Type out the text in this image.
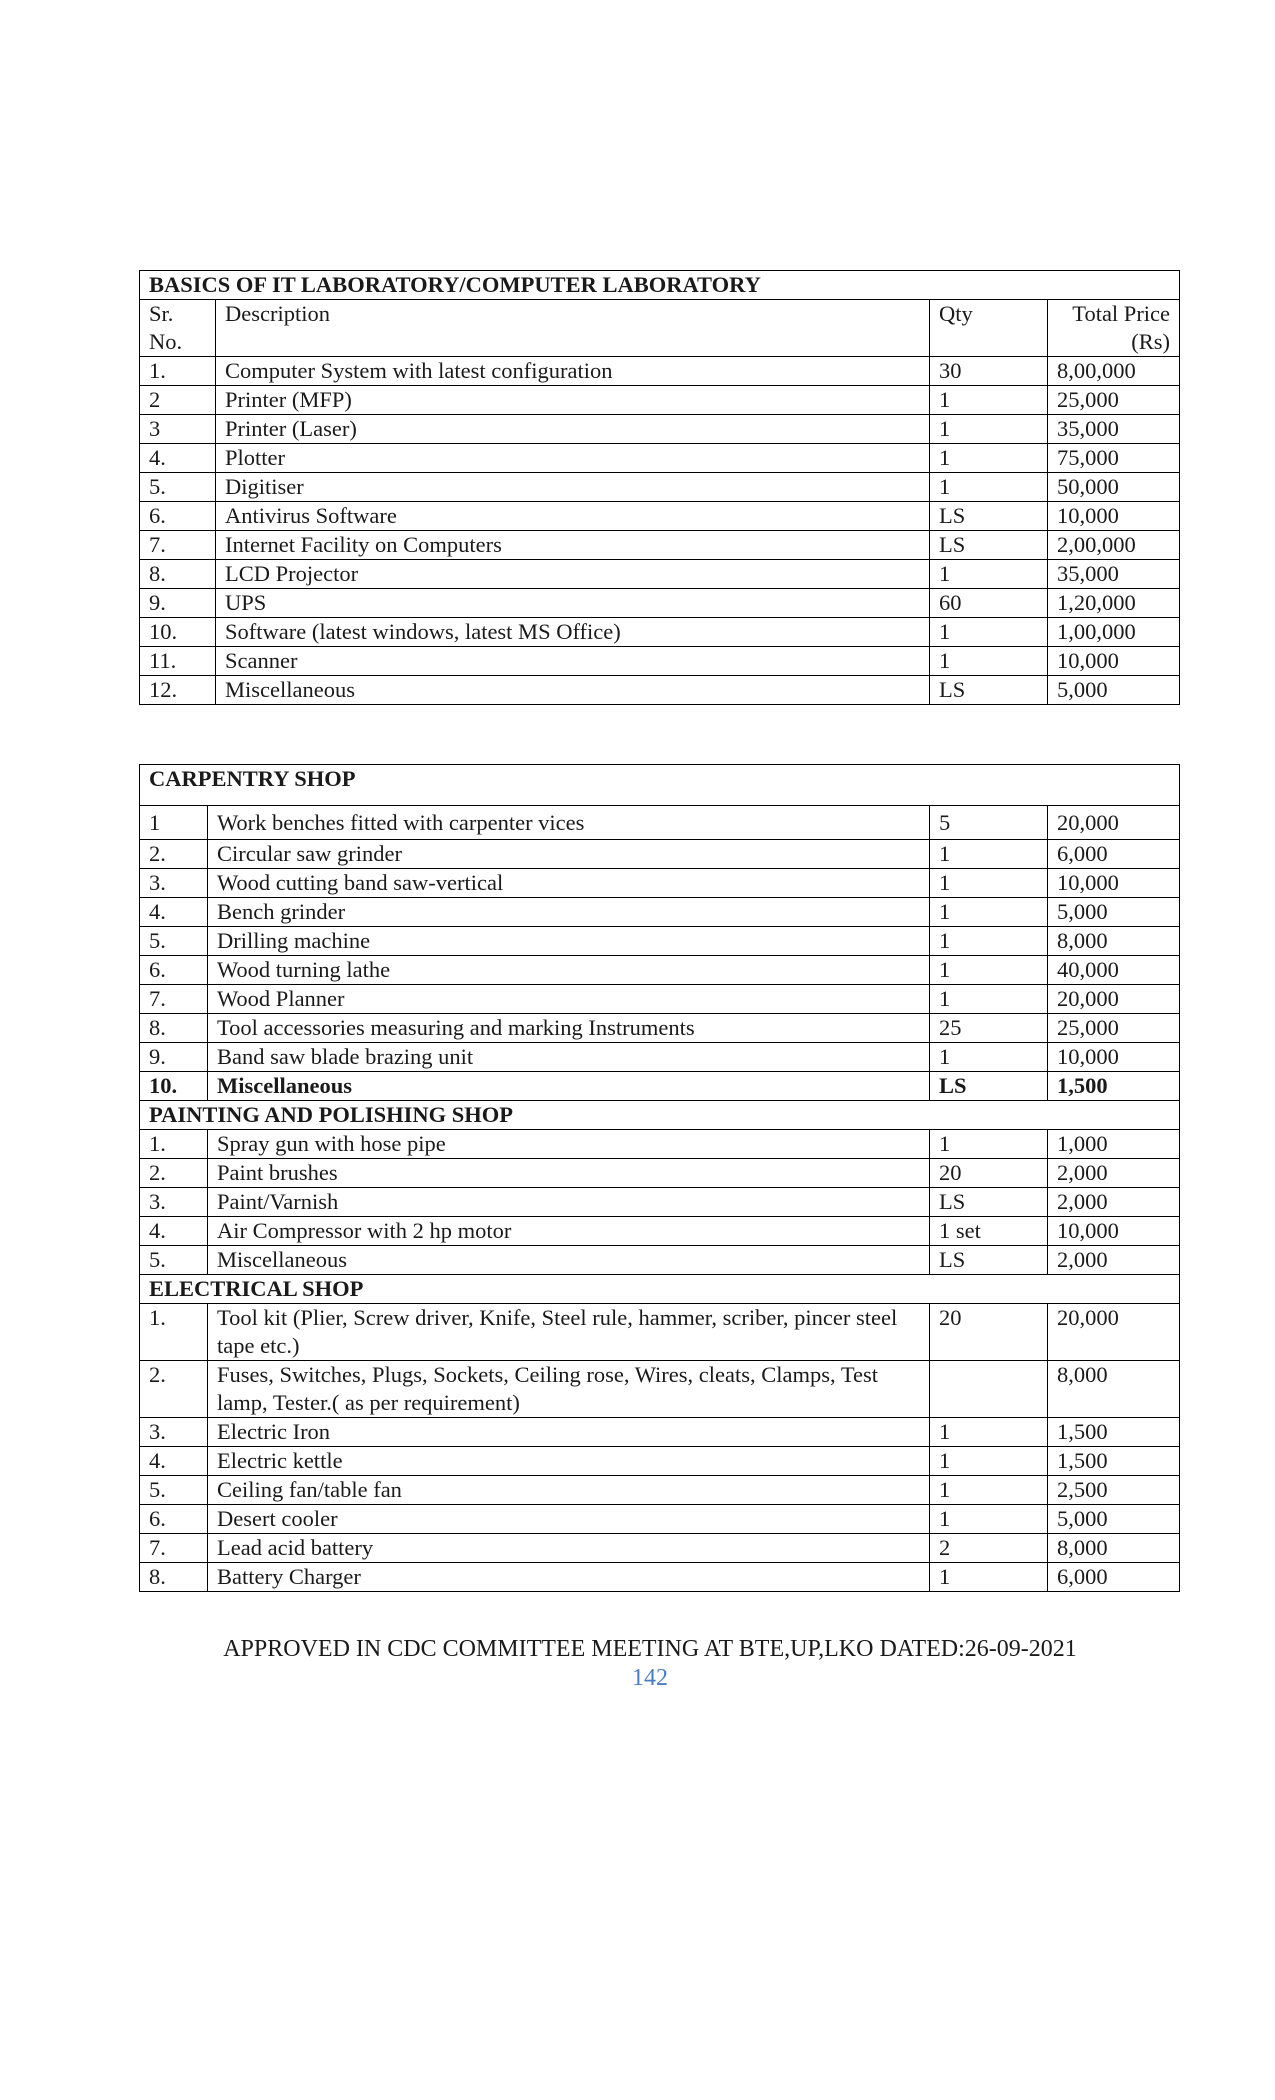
BASICS OF IT LABORATORY/COMPUTER LABORATORY			
Sr. No.	Description	Qty	Total Price (Rs)
1.	Computer System with latest configuration	30	8,00,000
2	Printer (MFP)	1	25,000
3	Printer (Laser)	1	35,000
4.	Plotter	1	75,000
5.	Digitiser	1	50,000
6.	Antivirus Software	LS	10,000
7.	Internet Facility on Computers	LS	2,00,000
8.	LCD Projector	1	35,000
9.	UPS	60	1,20,000
10.	Software (latest windows, latest MS Office)	1	1,00,000
11.	Scanner	1	10,000
12.	Miscellaneous	LS	5,000
CARPENTRY SHOP			
1	Work benches fitted with carpenter vices	5	20,000
2.	Circular saw grinder	1	6,000
3.	Wood cutting band saw-vertical	1	10,000
4.	Bench grinder	1	5,000
5.	Drilling machine	1	8,000
6.	Wood turning lathe	1	40,000
7.	Wood Planner	1	20,000
8.	Tool accessories measuring and marking Instruments	25	25,000
9.	Band saw blade brazing unit	1	10,000
10.	Miscellaneous	LS	1,500
PAINTING AND POLISHING SHOP			
1.	Spray gun with hose pipe	1	1,000
2.	Paint brushes	20	2,000
3.	Paint/Varnish	LS	2,000
4.	Air Compressor with 2 hp motor	1 set	10,000
5.	Miscellaneous	LS	2,000
ELECTRICAL SHOP			
1.	Tool kit (Plier, Screw driver, Knife, Steel rule, hammer, scriber, pincer steel tape etc.)	20	20,000
2.	Fuses, Switches, Plugs, Sockets, Ceiling rose, Wires, cleats, Clamps, Test lamp, Tester.( as per requirement)		8,000
3.	Electric Iron	1	1,500
4.	Electric kettle	1	1,500
5.	Ceiling fan/table fan	1	2,500
6.	Desert cooler	1	5,000
7.	Lead acid battery	2	8,000
8.	Battery Charger	1	6,000
APPROVED IN CDC COMMITTEE MEETING AT BTE,UP,LKO DATED:26-09-2021
142
